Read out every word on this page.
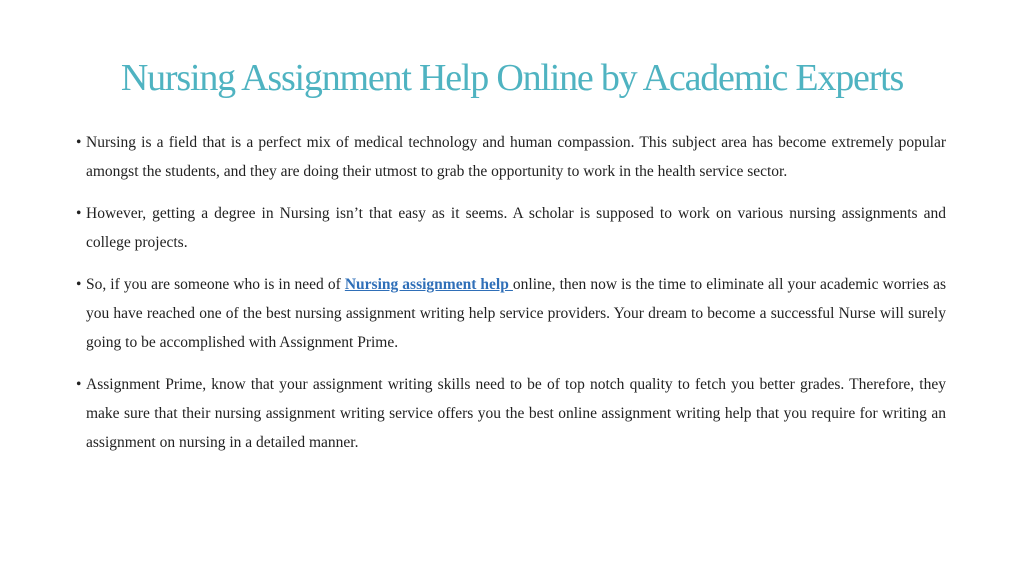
Nursing Assignment Help Online by Academic Experts
• Nursing is a field that is a perfect mix of medical technology and human compassion. This subject area has become extremely popular amongst the students, and they are doing their utmost to grab the opportunity to work in the health service sector.
• However, getting a degree in Nursing isn’t that easy as it seems. A scholar is supposed to work on various nursing assignments and college projects.
• So, if you are someone who is in need of Nursing assignment help online, then now is the time to eliminate all your academic worries as you have reached one of the best nursing assignment writing help service providers. Your dream to become a successful Nurse will surely going to be accomplished with Assignment Prime.
• Assignment Prime, know that your assignment writing skills need to be of top notch quality to fetch you better grades. Therefore, they make sure that their nursing assignment writing service offers you the best online assignment writing help that you require for writing an assignment on nursing in a detailed manner.
